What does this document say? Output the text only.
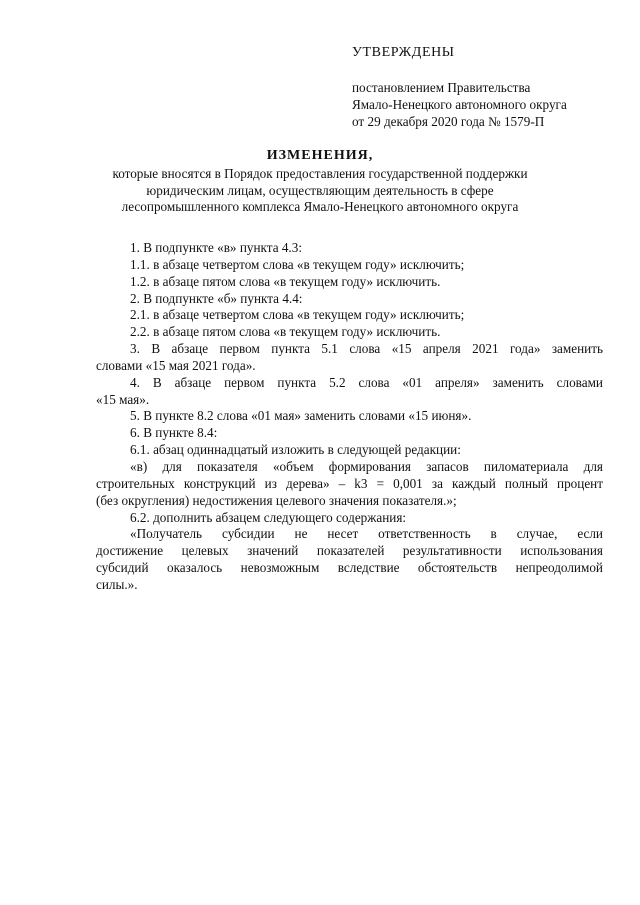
УТВЕРЖДЕНЫ
постановлением Правительства
Ямало-Ненецкого автономного округа
от 29 декабря 2020 года № 1579-П
ИЗМЕНЕНИЯ,
которые вносятся в Порядок предоставления государственной поддержки
юридическим лицам, осуществляющим деятельность в сфере
лесопромышленного комплекса Ямало-Ненецкого автономного округа

1. В подпункте «в» пункта 4.3:

1.1. в абзаце четвертом слова «в текущем году» исключить;

1.2. в абзаце пятом слова «в текущем году» исключить.

2. В подпункте «б» пункта 4.4:

2.1. в абзаце четвертом слова «в текущем году» исключить;

2.2. в абзаце пятом слова «в текущем году» исключить.

3. В абзаце первом пункта 5.1 слова «15 апреля 2021 года» заменить

словами «15 мая 2021 года».

4. В абзаце первом пункта 5.2 слова «01 апреля» заменить словами

«15 мая».

5. В пункте 8.2 слова «01 мая» заменить словами «15 июня».

6. В пункте 8.4:

6.1. абзац одиннадцатый изложить в следующей редакции:

«в) для показателя «объем формирования запасов пиломатериала для

строительных конструкций из дерева» – k3 = 0,001 за каждый полный процент

(без округления) недостижения целевого значения показателя.»;

6.2. дополнить абзацем следующего содержания:

«Получатель субсидии не несет ответственность в случае, если

достижение целевых значений показателей результативности использования

субсидий оказалось невозможным вследствие обстоятельств непреодолимой

силы.».
